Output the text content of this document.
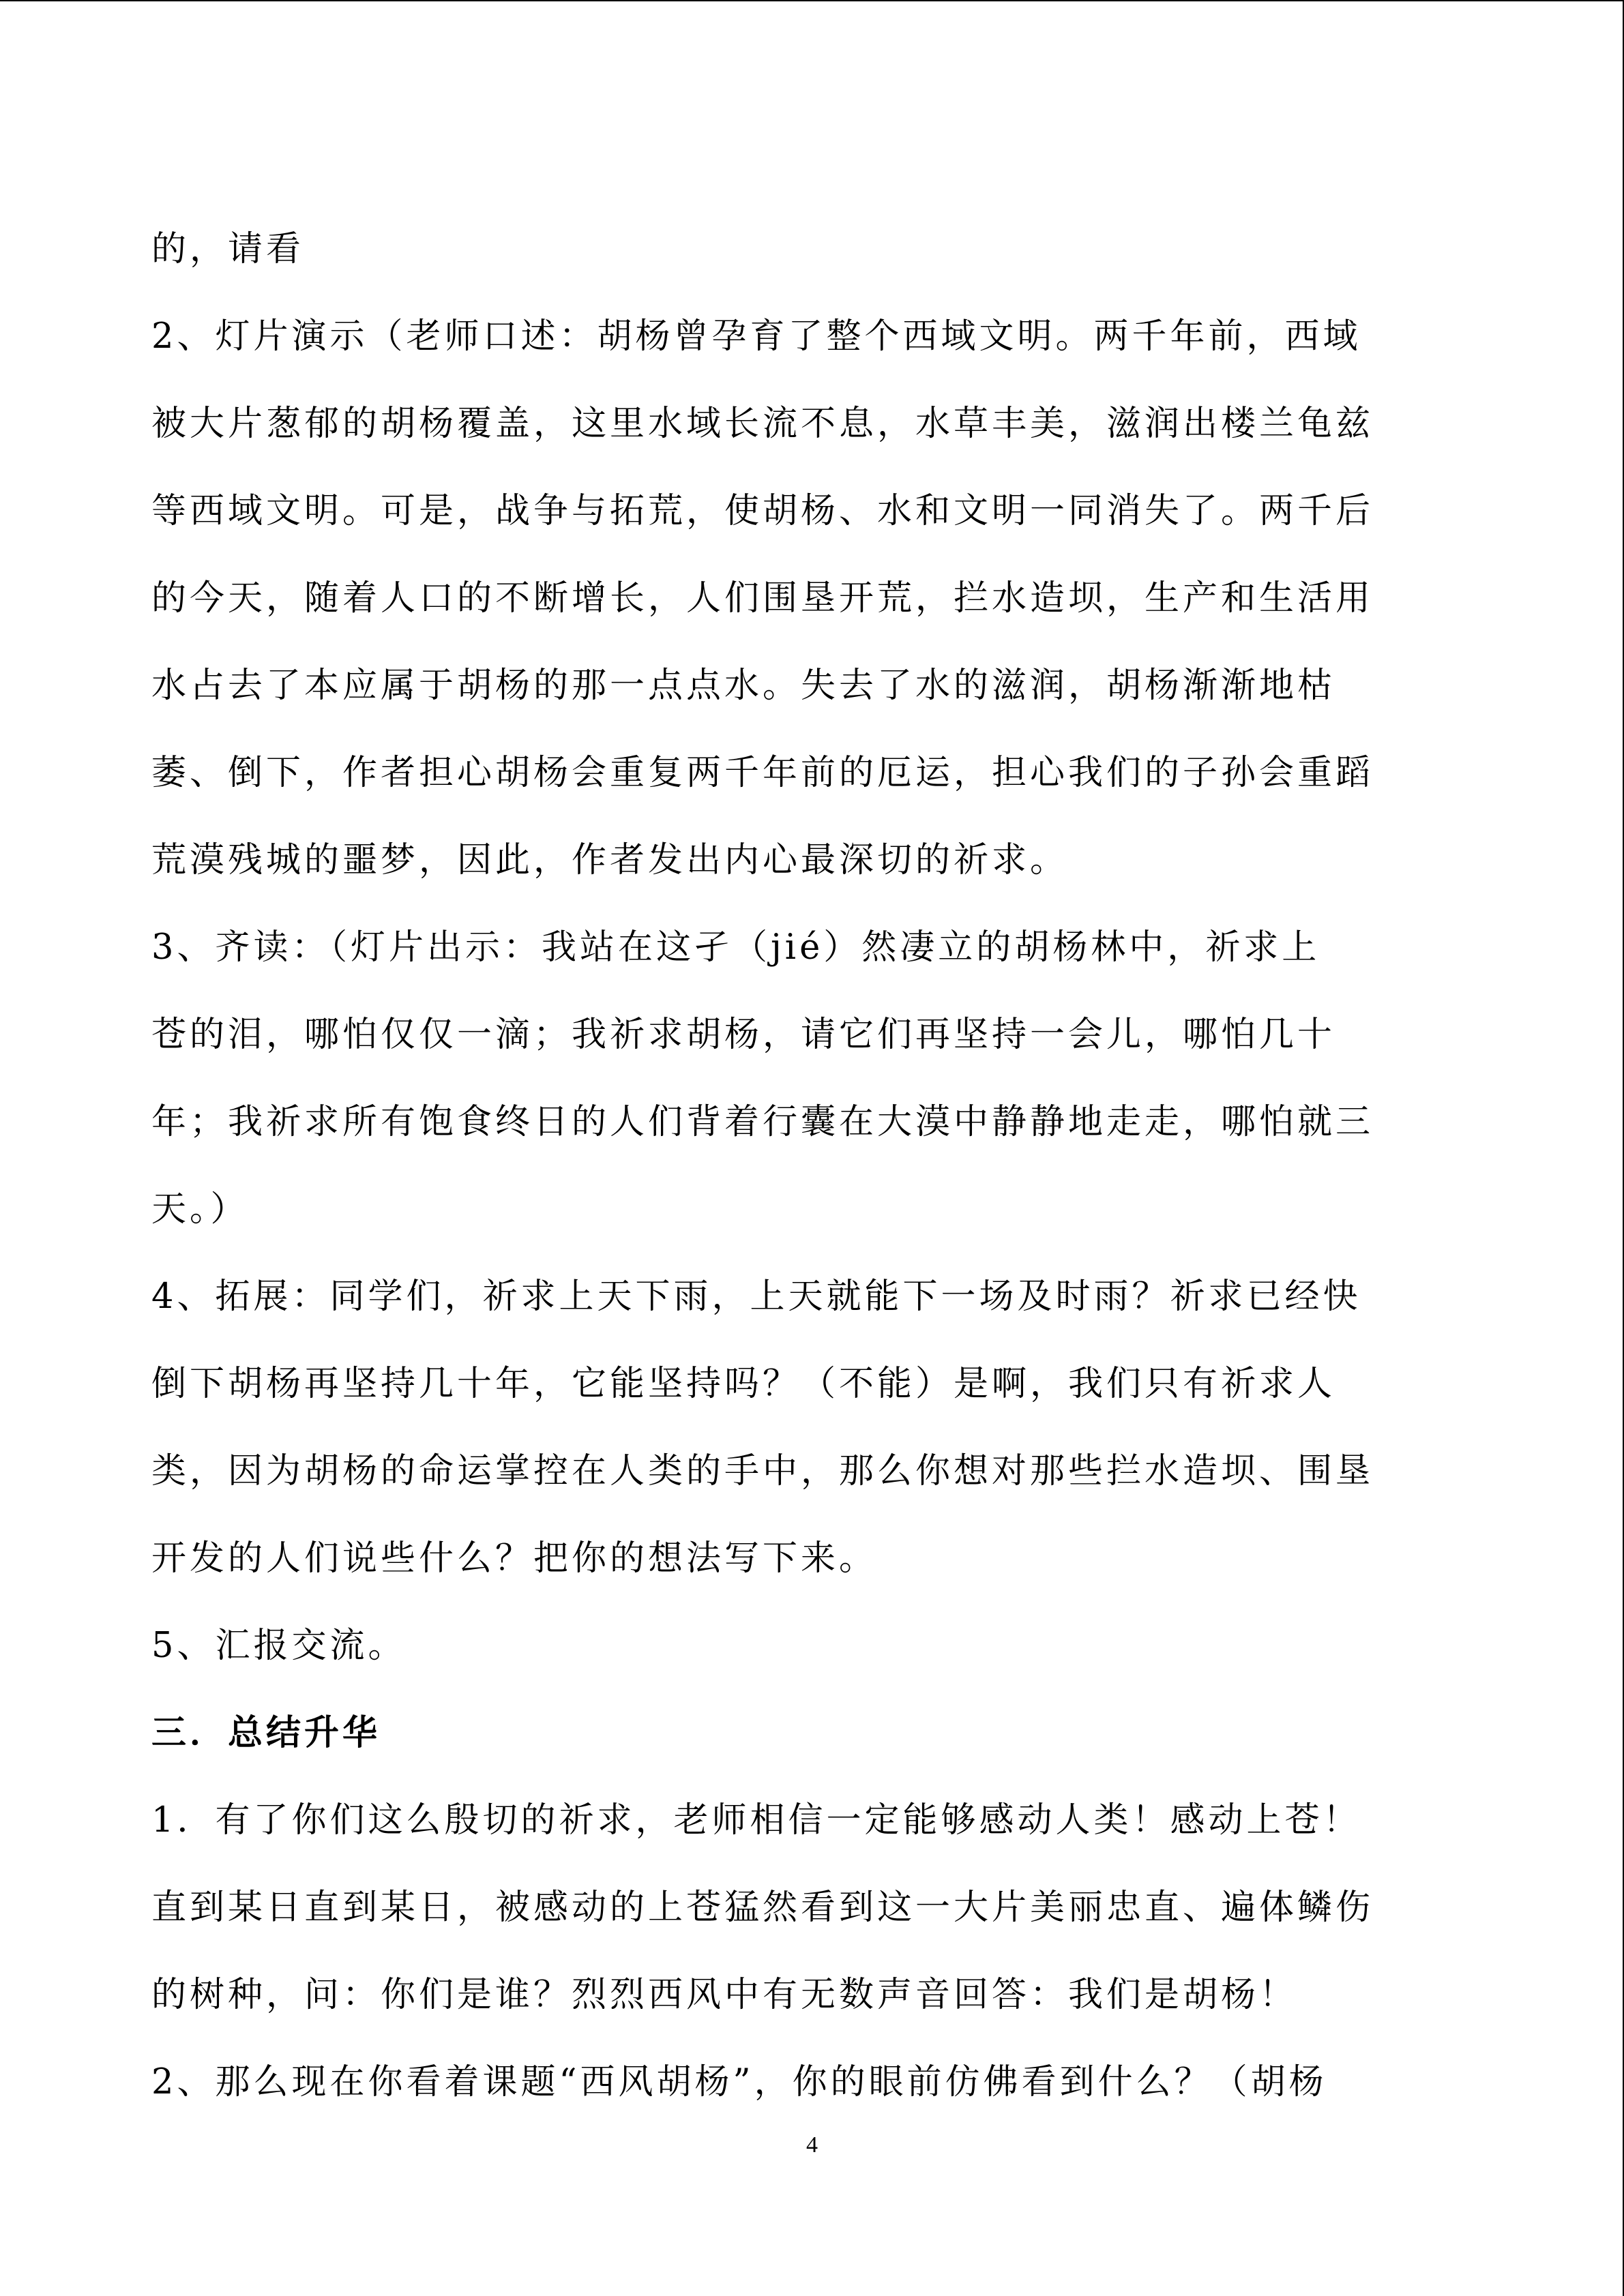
的，请看
2、灯片演示（老师口述：胡杨曾孕育了整个西域文明。两千年前，西域
被大片葱郁的胡杨覆盖，这里水域长流不息，水草丰美，滋润出楼兰龟兹
等西域文明。可是，战争与拓荒，使胡杨、水和文明一同消失了。两千后
的今天，随着人口的不断增长，人们围垦开荒，拦水造坝，生产和生活用
水占去了本应属于胡杨的那一点点水。失去了水的滋润，胡杨渐渐地枯
萎、倒下，作者担心胡杨会重复两千年前的厄运，担心我们的子孙会重蹈
荒漠残城的噩梦，因此，作者发出内心最深切的祈求。
3、齐读：（灯片出示：我站在这孑（jié）然凄立的胡杨林中，祈求上
苍的泪，哪怕仅仅一滴；我祈求胡杨，请它们再坚持一会儿，哪怕几十
年；我祈求所有饱食终日的人们背着行囊在大漠中静静地走走，哪怕就三
天。）
4、拓展：同学们，祈求上天下雨，上天就能下一场及时雨？祈求已经快
倒下胡杨再坚持几十年，它能坚持吗？（不能）是啊，我们只有祈求人
类，因为胡杨的命运掌控在人类的手中，那么你想对那些拦水造坝、围垦
开发的人们说些什么？把你的想法写下来。
5、汇报交流。
三．总结升华
1．有了你们这么殷切的祈求，老师相信一定能够感动人类！感动上苍！
直到某日直到某日，被感动的上苍猛然看到这一大片美丽忠直、遍体鳞伤
的树种，问：你们是谁？烈烈西风中有无数声音回答：我们是胡杨！
2、那么现在你看着课题“西风胡杨”，你的眼前仿佛看到什么？（胡杨
4
